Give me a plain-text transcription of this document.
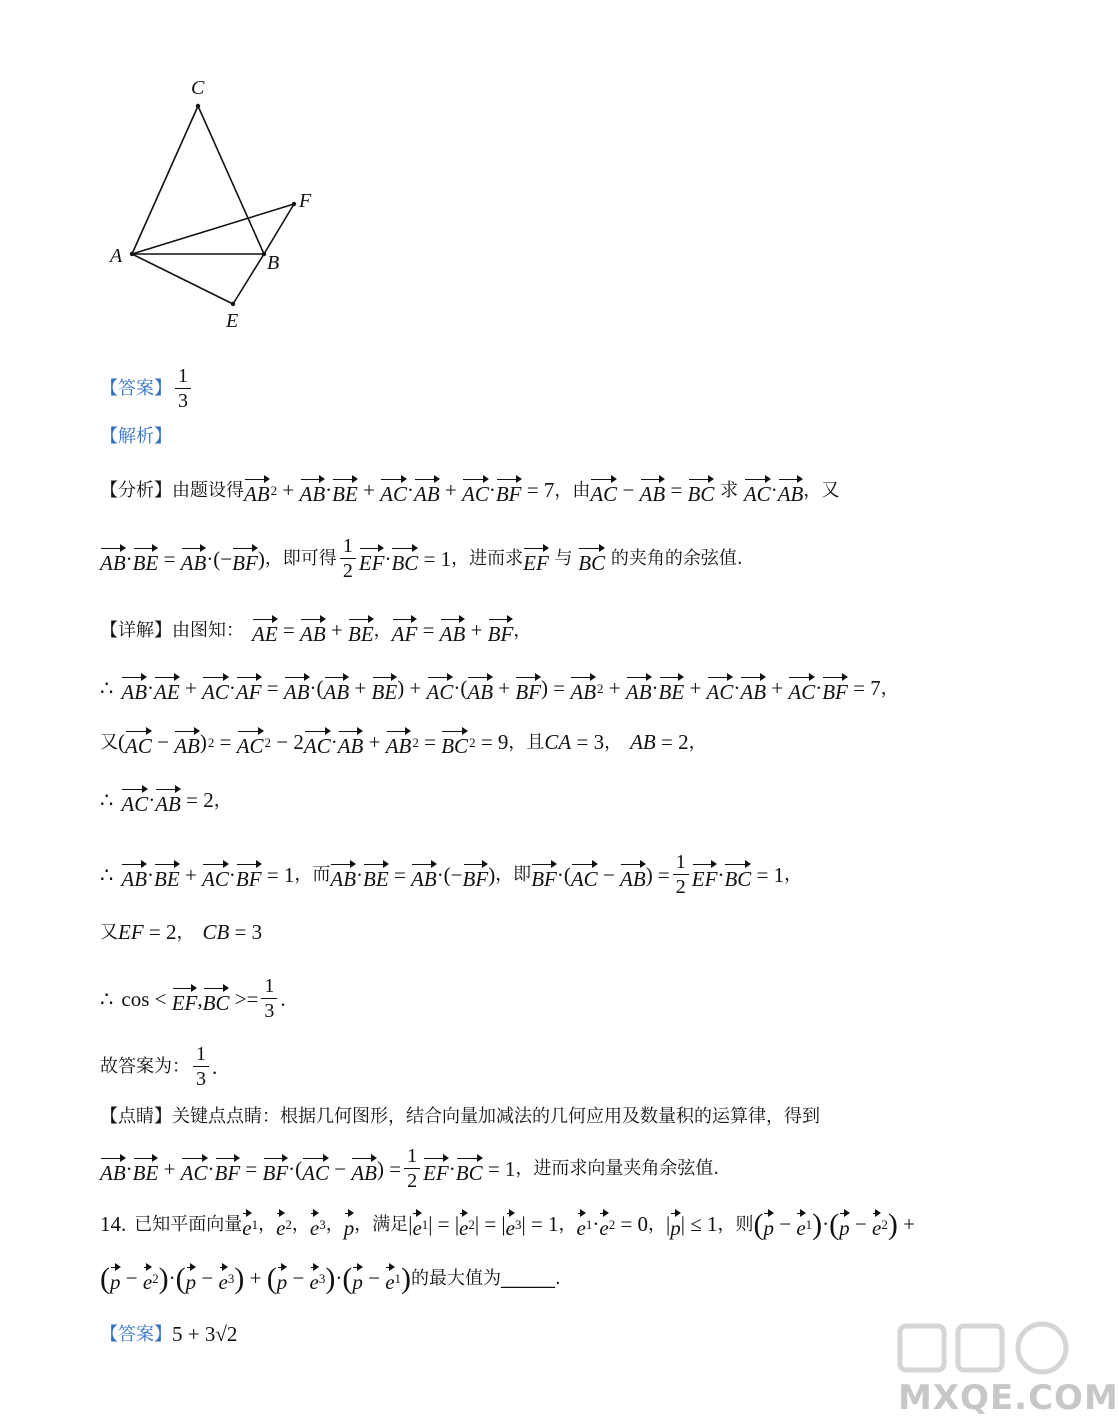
C
F
A	B
E
【答案】 $\frac{1}{3}$
【解析】
【分析】 由题设得 AB 2 + AB · BE + AC · AB + AC · BF = 7 ，由 AC − AB = BC
求
AC · AB ，又
AB · BE = AB ·(− BF ) ，即可得 $\frac{1}{2}$ EF · BC = 1 ，进而求 EF
与
BC
的夹角的余弦值.
【详解】 由图知： AE = AB + BE ， AF = AB + BF ，
∴ AB · AE + AC · AF = AB ·( AB + BE ) + AC ·( AB + BF ) = AB 2 + AB · BE + AC · AB + AC · BF = 7 ，
又 ( AC − AB ) 2 = AC 2 − 2 AC · AB + AB 2 = BC 2 = 9 ，且 CA = 3 ， AB = 2 ，
∴ AC · AB = 2 ，
∴ AB · BE + AC · BF = 1 ， 而 AB · BE = AB ·(− BF ) ，即 BF ·( AC − AB ) = $\frac{1}{2}$ EF · BC = 1 ，
又 EF = 2 ， CB = 3
∴ cos < EF , BC >= $\frac{1}{3}$ .
故答案为： $\frac{1}{3}$ .
【点睛】 关键点点睛：根据几何图形，结合向量加减法的几何应用及数量积的运算律，得到
AB · BE + AC · BF = BF ·( AC − AB ) = $\frac{1}{2}$ EF · BC = 1 ，进而求向量夹角余弦值.
14. 已知平面向量 e 1 ， e 2 ， e 3 ， p ， 满足 | e 1 | = | e 2 | = | e 3 | = 1 ， e 1 · e 2 = 0 ， | p | ≤ 1 ，则 ( p − e 1 ) · ( p − e 2 ) +
( p − e 2 ) · ( p − e 3 ) + ( p − e 3 ) · ( p − e 1 ) 的最大值为______.
【答案】 5 + 3√2
MXQE.COM
